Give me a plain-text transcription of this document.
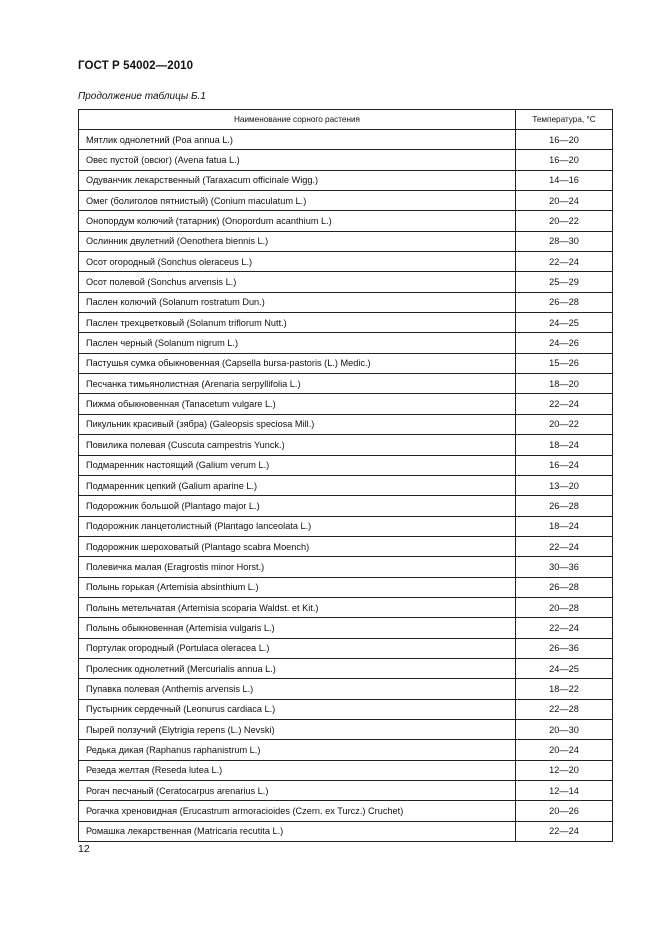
ГОСТ Р 54002—2010
Продолжение таблицы Б.1
Наименование сорного растения	Температура, °С
Мятлик однолетний (Poa annua L.)	16—20
Овес пустой (овсюг) (Avena fatua L.)	16—20
Одуванчик лекарственный (Taraxacum officinale Wigg.)	14—16
Омег (болиголов пятнистый) (Conium maculatum L.)	20—24
Онопордум колючий (татарник) (Onopordum acanthium L.)	20—22
Ослинник двулетний (Oenothera biennis L.)	28—30
Осот огородный (Sonchus oleraceus L.)	22—24
Осот полевой (Sonchus arvensis L.)	25—29
Паслен колючий (Solanum rostratum Dun.)	26—28
Паслен трехцветковый (Solanum triflorum Nutt.)	24—25
Паслен черный (Solanum nigrum L.)	24—26
Пастушья сумка обыкновенная (Capsella bursa-pastoris (L.) Medic.)	15—26
Песчанка тимьянолистная (Arenaria serpyllifolia L.)	18—20
Пижма обыкновенная (Tanacetum vulgare L.)	22—24
Пикульник красивый (зябра) (Galeopsis speciosa Mill.)	20—22
Повилика полевая (Cuscuta campestris Yunck.)	18—24
Подмаренник настоящий (Galium verum L.)	16—24
Подмаренник цепкий (Galium aparine L.)	13—20
Подорожник большой (Plantago major L.)	26—28
Подорожник ланцетолистный (Plantago lanceolata L.)	18—24
Подорожник шероховатый (Plantago scabra Moench)	22—24
Полевичка малая (Eragrostis minor Horst.)	30—36
Полынь горькая (Artemisia absinthium L.)	26—28
Полынь метельчатая (Artemisia scoparia Waldst. et Kit.)	20—28
Полынь обыкновенная (Artemisia vulgaris L.)	22—24
Портулак огородный (Portulaca oleracea L.)	26—36
Пролесник однолетний (Mercurialis annua L.)	24—25
Пупавка полевая (Anthemis arvensis L.)	18—22
Пустырник сердечный (Leonurus cardiaca L.)	22—28
Пырей ползучий (Elytrigia repens (L.) Nevski)	20—30
Редька дикая (Raphanus raphanistrum L.)	20—24
Резеда желтая (Reseda lutea L.)	12—20
Рогач песчаный (Ceratocarpus arenarius L.)	12—14
Рогачка хреновидная (Erucastrum armoracioides (Czern. ex Turcz.) Cruchet)	20—26
Ромашка лекарственная (Matricaria recutita L.)	22—24
12
